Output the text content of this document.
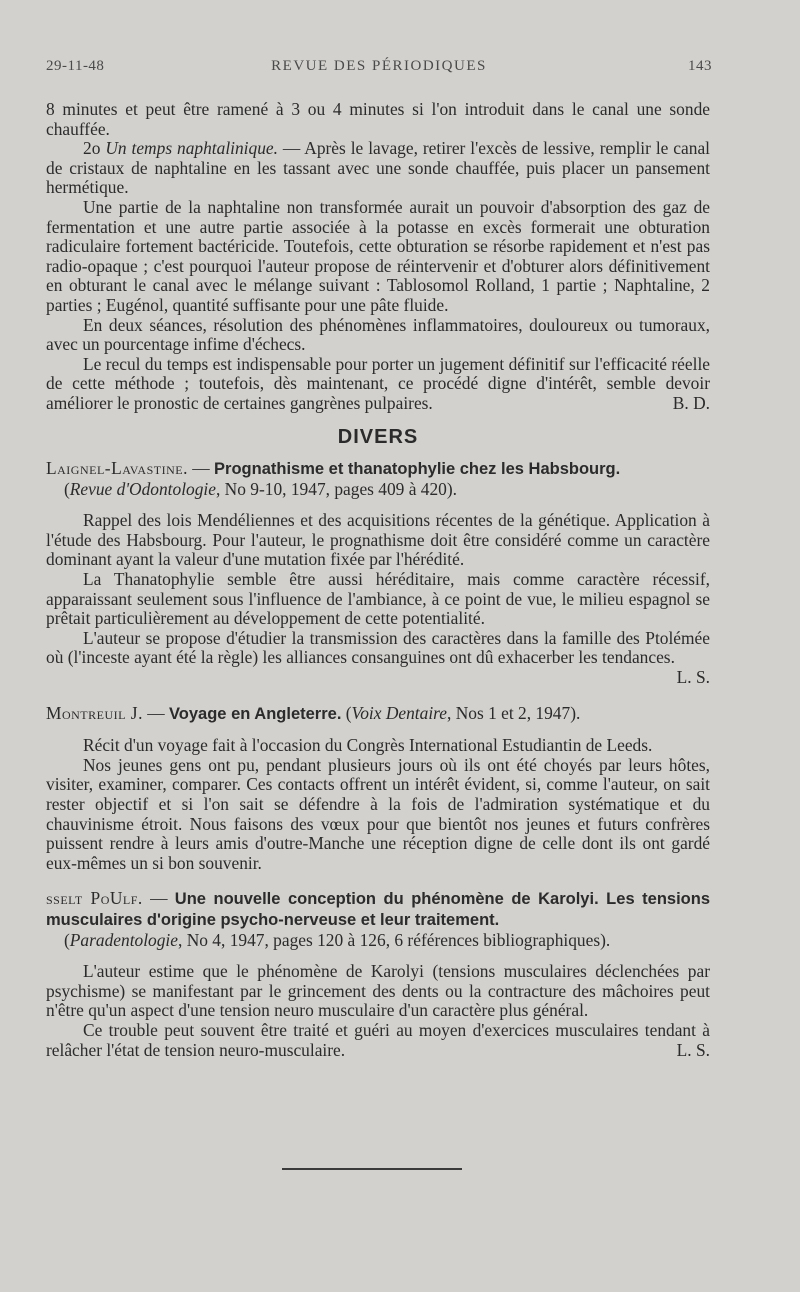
29-11-48	REVUE DES PÉRIODIQUES	143

8 minutes et peut être ramené à 3 ou 4 minutes si l'on introduit dans le canal une sonde chauffée.

2o Un temps naphtalinique. — Après le lavage, retirer l'excès de lessive, remplir le canal de cristaux de naphtaline en les tassant avec une sonde chauffée, puis placer un pansement hermétique.

Une partie de la naphtaline non transformée aurait un pouvoir d'absorption des gaz de fermentation et une autre partie associée à la potasse en excès formerait une obturation radiculaire fortement bactéricide. Toutefois, cette obturation se résorbe rapidement et n'est pas radio-opaque ; c'est pourquoi l'auteur propose de réintervenir et d'obturer alors définitivement en obturant le canal avec le mélange suivant : Tablosomol Rolland, 1 partie ; Naphtaline, 2 parties ; Eugénol, quantité suffisante pour une pâte fluide.

En deux séances, résolution des phénomènes inflammatoires, douloureux ou tumoraux, avec un pourcentage infime d'échecs.

Le recul du temps est indispensable pour porter un jugement définitif sur l'efficacité réelle de cette méthode ; toutefois, dès maintenant, ce procédé digne d'intérêt, semble devoir améliorer le pronostic de certaines gangrènes pulpaires.	B. D.

DIVERS

Laignel-Lavastine. — Prognathisme et thanatophylie chez les Habsbourg.

(Revue d'Odontologie, No 9-10, 1947, pages 409 à 420).

Rappel des lois Mendéliennes et des acquisitions récentes de la génétique. Application à l'étude des Habsbourg. Pour l'auteur, le prognathisme doit être considéré comme un caractère dominant ayant la valeur d'une mutation fixée par l'hérédité.

La Thanatophylie semble être aussi héréditaire, mais comme caractère récessif, apparaissant seulement sous l'influence de l'ambiance, à ce point de vue, le milieu espagnol se prêtait particulièrement au développement de cette potentialité.

L'auteur se propose d'étudier la transmission des caractères dans la famille des Ptolémée où (l'inceste ayant été la règle) les alliances consanguines ont dû exhacerber les tendances.
L. S.

Montreuil J. — Voyage en Angleterre. (Voix Dentaire, Nos 1 et 2, 1947).

Récit d'un voyage fait à l'occasion du Congrès International Estudiantin de Leeds.

Nos jeunes gens ont pu, pendant plusieurs jours où ils ont été choyés par leurs hôtes, visiter, examiner, comparer. Ces contacts offrent un intérêt évident, si, comme l'auteur, on sait rester objectif et si l'on sait se défendre à la fois de l'admiration systématique et du chauvinisme étroit. Nous faisons des vœux pour que bientôt nos jeunes et futurs confrères puissent rendre à leurs amis d'outre-Manche une réception digne de celle dont ils ont gardé eux-mêmes un si bon souvenir.

sselt PoUlf. — Une nouvelle conception du phénomène de Karolyi. Les tensions musculaires d'origine psycho-nerveuse et leur traitement.

(Paradentologie, No 4, 1947, pages 120 à 126, 6 références bibliographiques).

L'auteur estime que le phénomène de Karolyi (tensions musculaires déclenchées par psychisme) se manifestant par le grincement des dents ou la contracture des mâchoires peut n'être qu'un aspect d'une tension neuro musculaire d'un caractère plus général.

Ce trouble peut souvent être traité et guéri au moyen d'exercices musculaires tendant à relâcher l'état de tension neuro-musculaire.	L. S.
